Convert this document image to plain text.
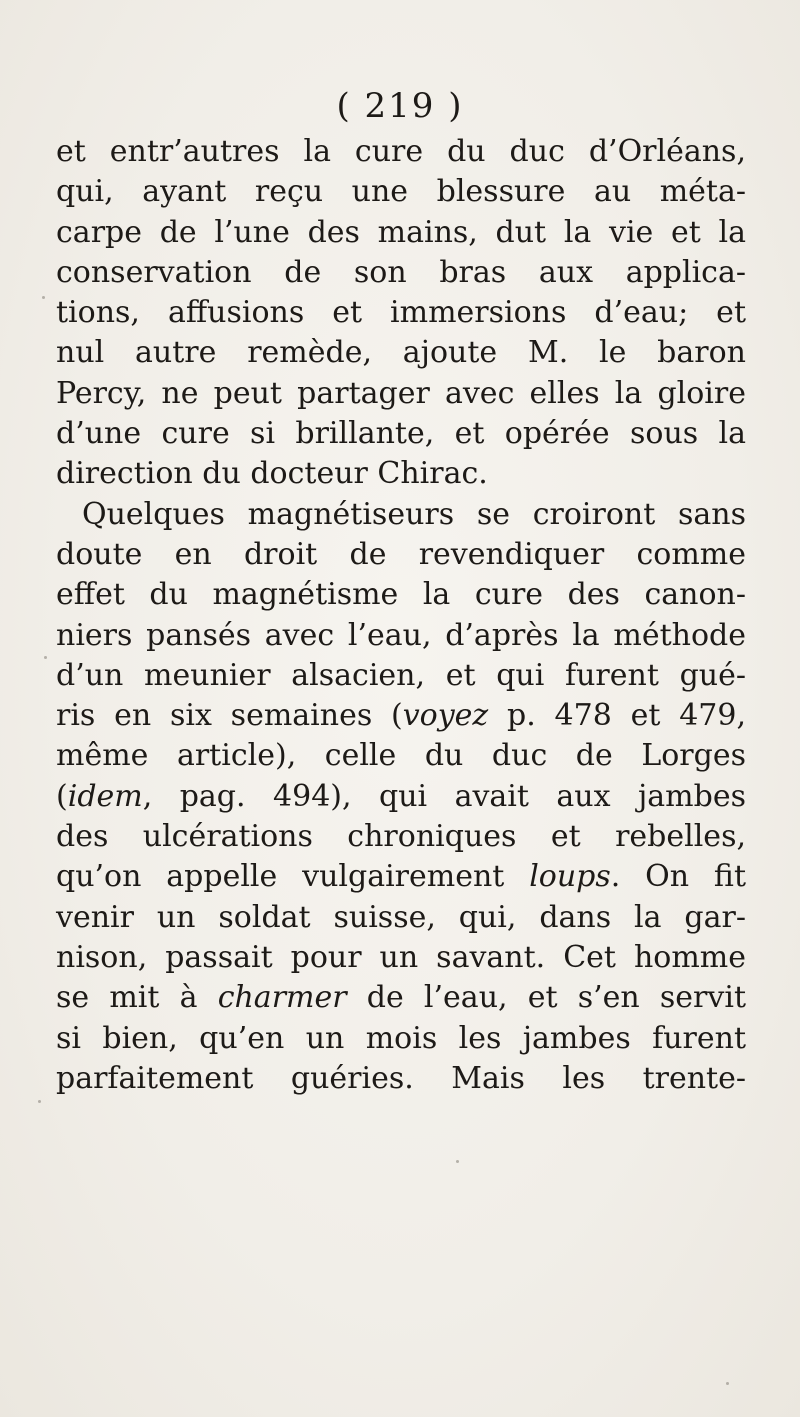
( 219 )
et entr’autres la cure du duc d’Orléans,
qui, ayant reçu une blessure au méta-
carpe de l’une des mains, dut la vie et la
conservation de son bras aux applica-
tions, affusions et immersions d’eau; et
nul autre remède, ajoute M. le baron
Percy, ne peut partager avec elles la gloire
d’une cure si brillante, et opérée sous la
direction du docteur Chirac.
Quelques magnétiseurs se croiront sans
doute en droit de revendiquer comme
effet du magnétisme la cure des canon-
niers pansés avec l’eau, d’après la méthode
d’un meunier alsacien, et qui furent gué-
ris en six semaines (voyez p. 478 et 479,
même article), celle du duc de Lorges
(idem, pag. 494), qui avait aux jambes
des ulcérations chroniques et rebelles,
qu’on appelle vulgairement loups. On fit
venir un soldat suisse, qui, dans la gar-
nison, passait pour un savant. Cet homme
se mit à charmer de l’eau, et s’en servit
si bien, qu’en un mois les jambes furent
parfaitement guéries. Mais les trente-
